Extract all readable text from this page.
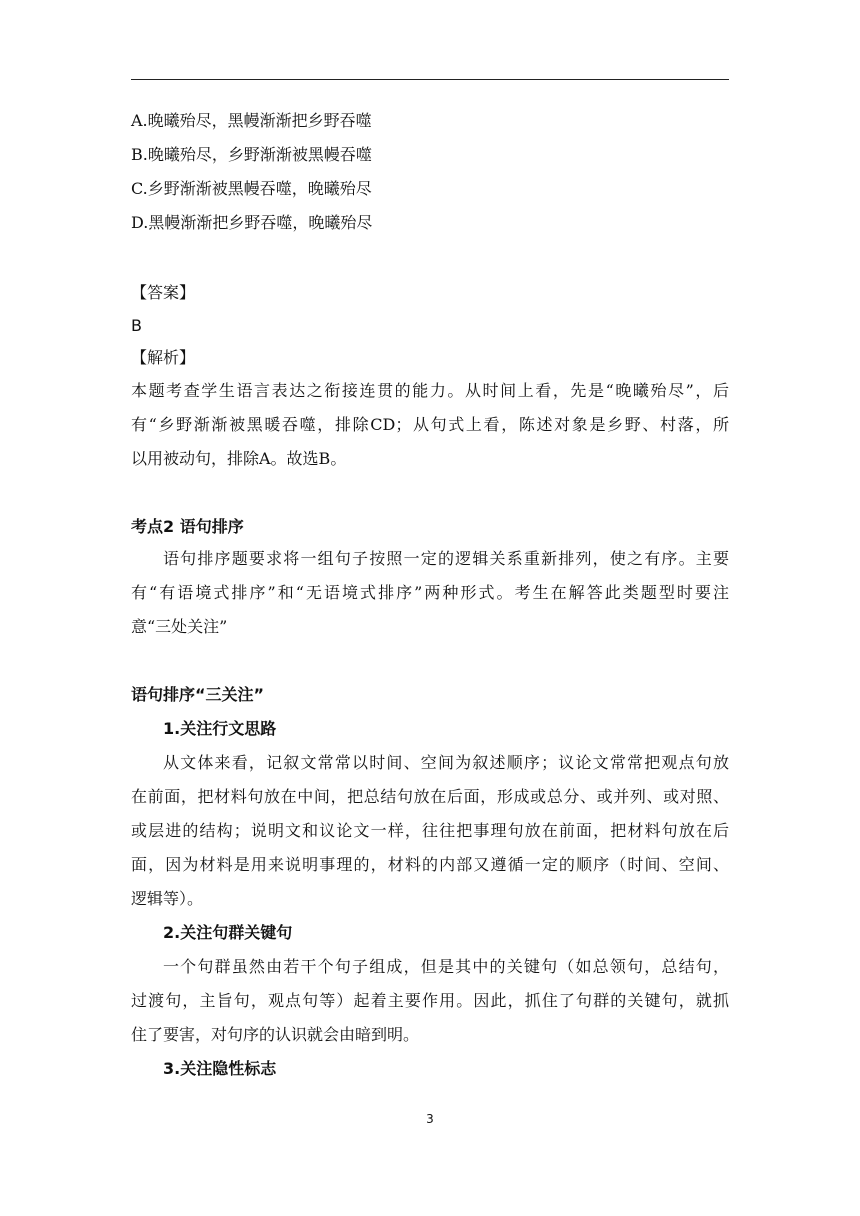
A.晚曦殆尽，黑幔渐渐把乡野吞噬
B.晚曦殆尽，乡野渐渐被黑幔吞噬
C.乡野渐渐被黑幔吞噬，晚曦殆尽
D.黑幔渐渐把乡野吞噬，晚曦殆尽
【答案】
B
【解析】
本题考查学生语言表达之衔接连贯的能力。从时间上看，先是“晚曦殆尽”，后
有“乡野渐渐被黑暖吞噬，排除CD；从句式上看，陈述对象是乡野、村落，所
以用被动句，排除A。故选B。
考点2 语句排序
语句排序题要求将一组句子按照一定的逻辑关系重新排列，使之有序。主要
有“有语境式排序”和“无语境式排序”两种形式。考生在解答此类题型时要注
意“三处关注”
语句排序“三关注”
1.关注行文思路
从文体来看，记叙文常常以时间、空间为叙述顺序；议论文常常把观点句放
在前面，把材料句放在中间，把总结句放在后面，形成或总分、或并列、或对照、
或层进的结构；说明文和议论文一样，往往把事理句放在前面，把材料句放在后
面，因为材料是用来说明事理的，材料的内部又遵循一定的顺序（时间、空间、
逻辑等）。
2.关注句群关键句
一个句群虽然由若干个句子组成，但是其中的关键句（如总领句，总结句，
过渡句，主旨句，观点句等）起着主要作用。因此，抓住了句群的关键句，就抓
住了要害，对句序的认识就会由暗到明。
3.关注隐性标志
3
